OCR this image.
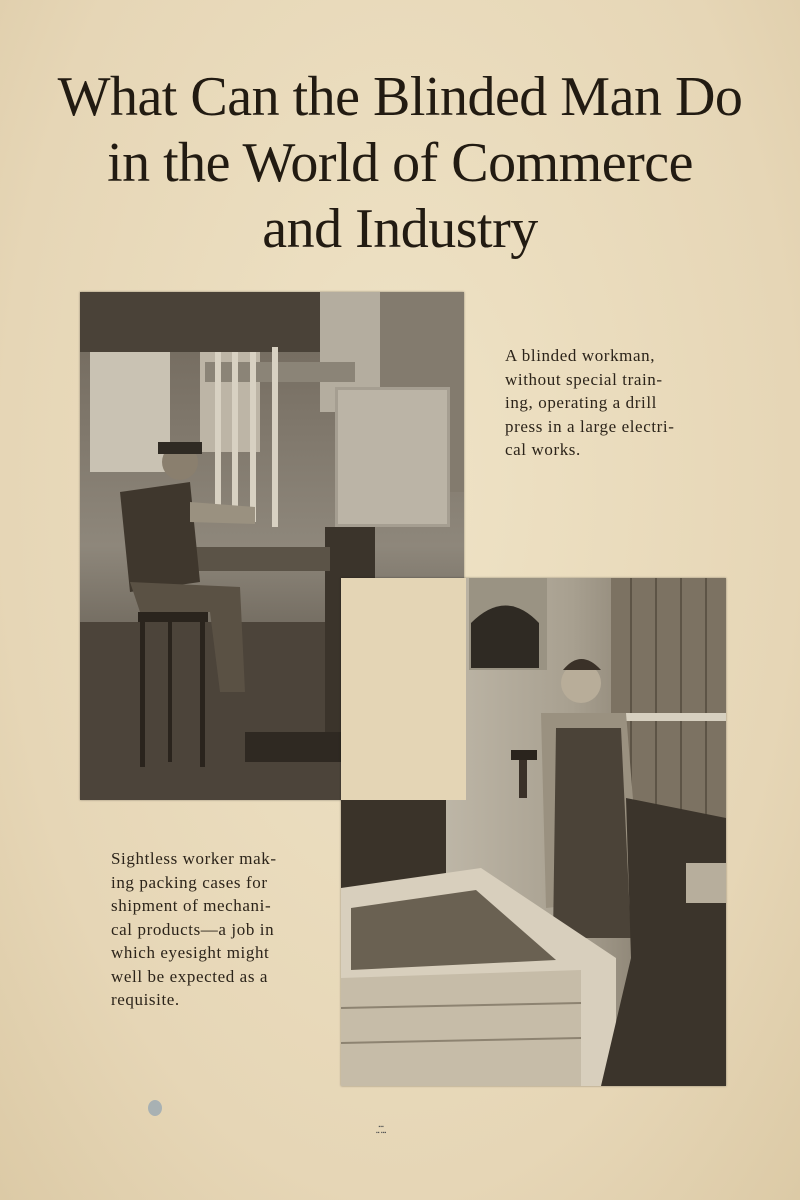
What Can the Blinded Man Do
in the World of Commerce
and Industry

A blinded workman,
without special train-
ing, operating a drill
press in a large electri-
cal works.

Sightless worker mak-
ing packing cases for
shipment of mechani-
cal products—a job in
which eyesight might
well be expected as a
requisite.

▪▪▪
▪▪ ▪▪▪
